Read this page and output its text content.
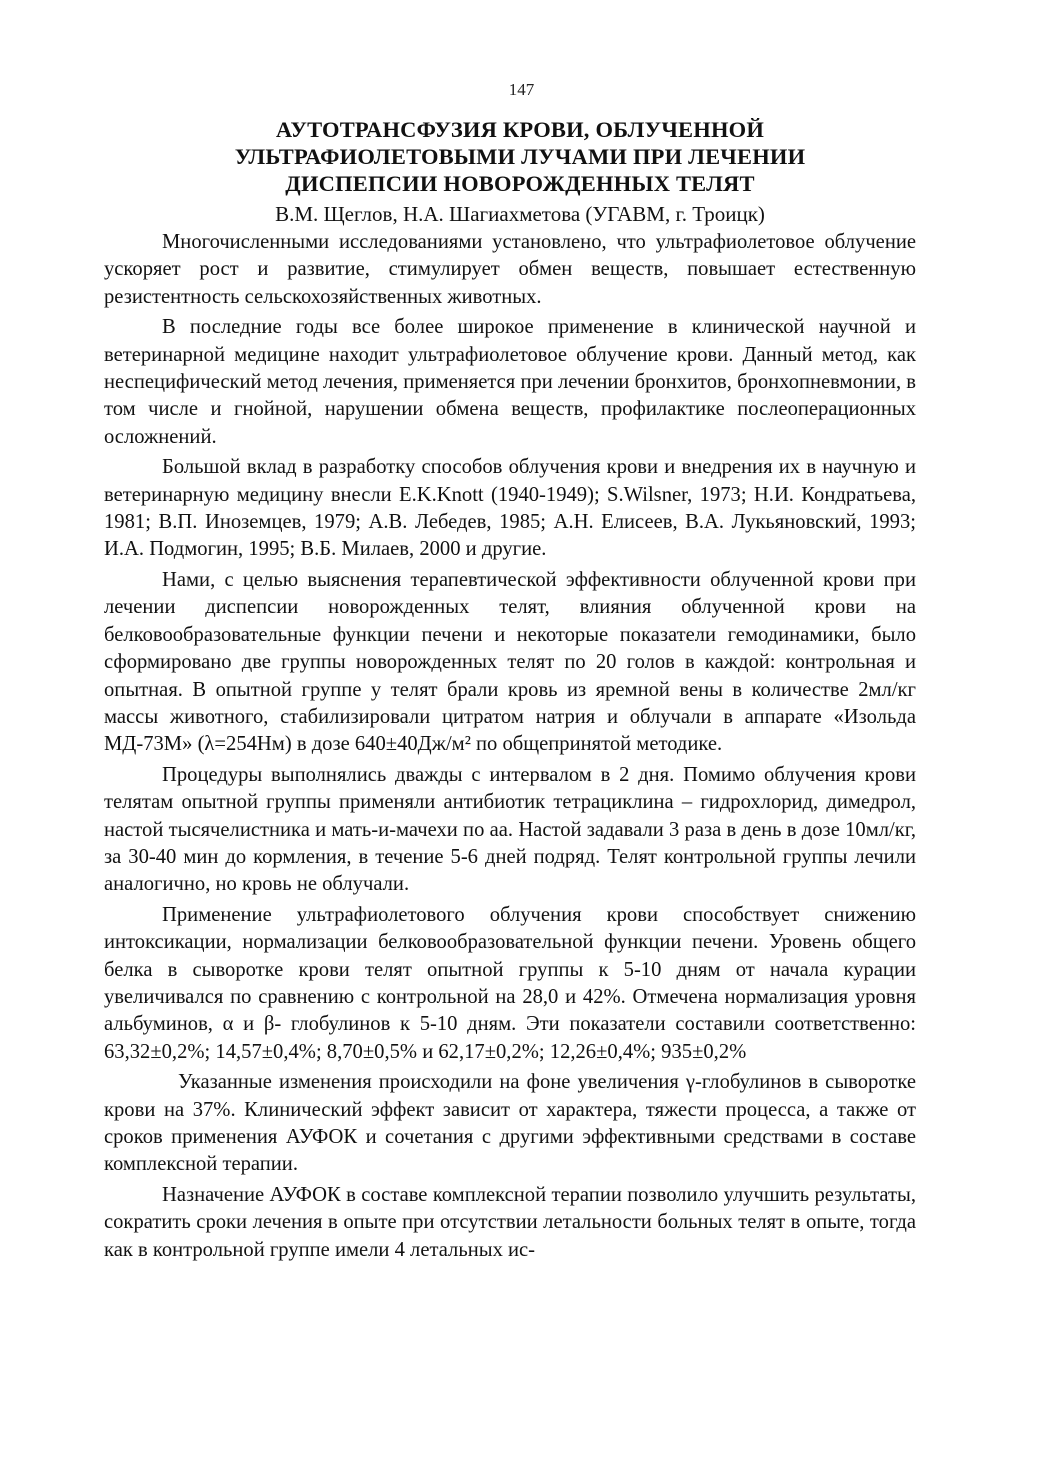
147
АУТОТРАНСФУЗИЯ КРОВИ, ОБЛУЧЕННОЙ
УЛЬТРАФИОЛЕТОВЫМИ ЛУЧАМИ ПРИ ЛЕЧЕНИИ
ДИСПЕПСИИ НОВОРОЖДЕННЫХ ТЕЛЯТ
В.М. Щеглов, Н.А. Шагиахметова (УГАВМ, г. Троицк)

Многочисленными исследованиями установлено, что ультрафиолетовое облучение ускоряет рост и развитие, стимулирует обмен веществ, повышает естественную резистентность сельскохозяйственных животных.

В последние годы все более широкое применение в клинической научной и ветеринарной медицине находит ультрафиолетовое облучение крови. Данный метод, как неспецифический метод лечения, применяется при лечении бронхитов, бронхопневмонии, в том числе и гнойной, нарушении обмена веществ, профилактике послеоперационных осложнений.

Большой вклад в разработку способов облучения крови и внедрения их в научную и ветеринарную медицину внесли E.K.Knott (1940-1949); S.Wilsner, 1973; Н.И. Кондратьева, 1981; В.П. Иноземцев, 1979; А.В. Лебедев, 1985; А.Н. Елисеев, В.А. Лукьяновский, 1993; И.А. Подмогин, 1995; В.Б. Милаев, 2000 и другие.

Нами, с целью выяснения терапевтической эффективности облученной крови при лечении диспепсии новорожденных телят, влияния облученной крови на белковообразовательные функции печени и некоторые показатели гемодинамики, было сформировано две группы новорожденных телят по 20 голов в каждой: контрольная и опытная. В опытной группе у телят брали кровь из яремной вены в количестве 2мл/кг массы животного, стабилизировали цитратом натрия и облучали в аппарате «Изольда МД-73М» (λ=254Нм) в дозе 640±40Дж/м² по общепринятой методике.

Процедуры выполнялись дважды с интервалом в 2 дня. Помимо облучения крови телятам опытной группы применяли антибиотик тетрациклина – гидрохлорид, димедрол, настой тысячелистника и мать-и-мачехи по аа. Настой задавали 3 раза в день в дозе 10мл/кг, за 30-40 мин до кормления, в течение 5-6 дней подряд. Телят контрольной группы лечили аналогично, но кровь не облучали.

Применение ультрафиолетового облучения крови способствует снижению интоксикации, нормализации белковообразовательной функции печени. Уровень общего белка в сыворотке крови телят опытной группы к 5-10 дням от начала курации увеличивался по сравнению с контрольной на 28,0 и 42%. Отмечена нормализация уровня альбуминов, α и β- глобулинов к 5-10 дням. Эти показатели составили соответственно: 63,32±0,2%; 14,57±0,4%; 8,70±0,5% и 62,17±0,2%; 12,26±0,4%; 935±0,2%

Указанные изменения происходили на фоне увеличения γ-глобулинов в сыворотке крови на 37%. Клинический эффект зависит от характера, тяжести процесса, а также от сроков применения АУФОК и сочетания с другими эффективными средствами в составе комплексной терапии.

Назначение АУФОК в составе комплексной терапии позволило улучшить результаты, сократить сроки лечения в опыте при отсутствии летальности больных телят в опыте, тогда как в контрольной группе имели 4 летальных ис-
